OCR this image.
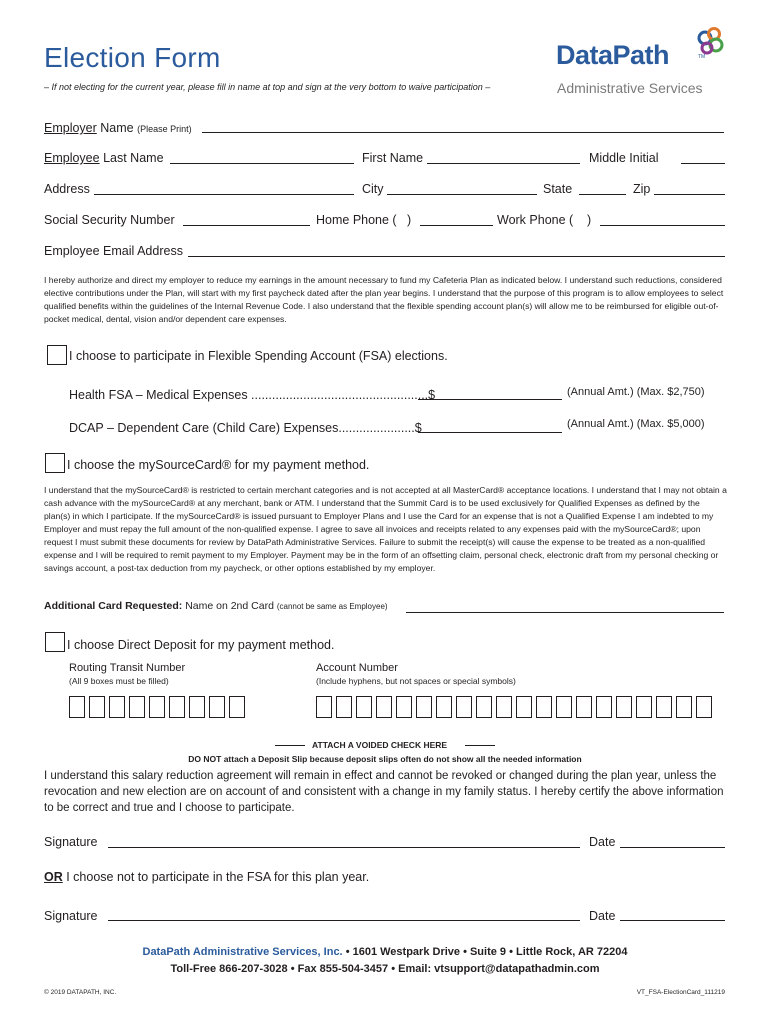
Election Form
– If not electing for the current year, please fill in name at top and sign at the very bottom to waive participation –
DataPath	TM
Administrative Services
Employer Name (Please Print)
Employee Last Name	First Name	Middle Initial
Address	City	State	Zip
Social Security Number	Home Phone ( )	Work Phone ( )
Employee Email Address
I hereby authorize and direct my employer to reduce my earnings in the amount necessary to fund my Cafeteria Plan as indicated below. I understand such reductions, considered elective contributions under the Plan, will start with my first paycheck dated after the plan year begins. I understand that the purpose of this program is to allow employees to select qualified benefits within the guidelines of the Internal Revenue Code. I also understand that the flexible spending account plan(s) will allow me to be reimbursed for eligible out-of-pocket medical, dental, vision and/or dependent care expenses.
I choose to participate in Flexible Spending Account (FSA) elections.
Health FSA – Medical Expenses ...................................................$	(Annual Amt.) (Max. $2,750)
DCAP – Dependent Care (Child Care) Expenses......................$	(Annual Amt.) (Max. $5,000)
I choose the mySourceCard® for my payment method.
I understand that the mySourceCard® is restricted to certain merchant categories and is not accepted at all MasterCard® acceptance locations. I understand that I may not obtain a cash advance with the mySourceCard® at any merchant, bank or ATM. I understand that the Summit Card is to be used exclusively for Qualified Expenses as defined by the plan(s) in which I participate. If the mySourceCard® is issued pursuant to Employer Plans and I use the Card for an expense that is not a Qualified Expense I am indebted to my Employer and must repay the full amount of the non-qualified expense. I agree to save all invoices and receipts related to any expenses paid with the mySourceCard®; upon request I must submit these documents for review by DataPath Administrative Services. Failure to submit the receipt(s) will cause the expense to be treated as a non-qualified expense and I will be required to remit payment to my Employer. Payment may be in the form of an offsetting claim, personal check, electronic draft from my personal checking or savings account, a post-tax deduction from my paycheck, or other options established by my employer.
Additional Card Requested: Name on 2nd Card (cannot be same as Employee)
I choose Direct Deposit for my payment method.
Routing Transit Number
(All 9 boxes must be filled)
Account Number
(Include hyphens, but not spaces or special symbols)
ATTACH A VOIDED CHECK HERE
DO NOT attach a Deposit Slip because deposit slips often do not show all the needed information
I understand this salary reduction agreement will remain in effect and cannot be revoked or changed during the plan year, unless the revocation and new election are on account of and consistent with a change in my family status. I hereby certify the above information to be correct and true and I choose to participate.
Signature	Date
OR I choose not to participate in the FSA for this plan year.
Signature	Date
DataPath Administrative Services, Inc. • 1601 Westpark Drive • Suite 9 • Little Rock, AR 72204
Toll-Free 866-207-3028 • Fax 855-504-3457 • Email: vtsupport@datapathadmin.com
© 2019 DATAPATH, INC.	VT_FSA-ElectionCard_111219
